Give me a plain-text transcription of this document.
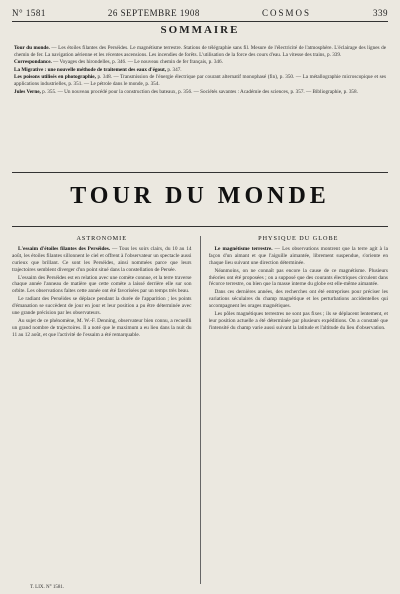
N° 1581	26 SEPTEMBRE 1908	COSMOS	339
SOMMAIRE

Tour du monde. — Les étoiles filantes des Perséides. Le magnétisme terrestre. Stations de télégraphie sans fil. Mesure de l'électricité de l'atmosphère. L'éclairage des lignes de chemin de fer. La navigation aérienne et les récentes ascensions. Les incendies de forêts. L'utilisation de la force des cours d'eau. La vitesse des trains, p. 339.

Correspondance. — Voyages des hirondelles, p. 346. — Le nouveau chemin de fer français, p. 346.

La Migrative : une nouvelle méthode de traitement des eaux d'égout, p. 347.

Les poisons utilisés en photographie, p. 348. — Transmission de l'énergie électrique par courant alternatif monophasé (fin), p. 350. — La métallographie microscopique et ses applications industrielles, p. 351. — Le pétrole dans le monde, p. 354.

Jules Verne, p. 355. — Un nouveau procédé pour la construction des bateaux, p. 356. — Sociétés savantes : Académie des sciences, p. 357. — Bibliographie, p. 358.

TOUR DU MONDE
ASTRONOMIE

L'essaim d'étoiles filantes des Perséides. — Tous les soirs clairs, du 10 au 14 août, les étoiles filantes sillonnent le ciel et offrent à l'observateur un spectacle aussi curieux que brillant. Ce sont les Perséides, ainsi nommées parce que leurs trajectoires semblent diverger d'un point situé dans la constellation de Persée.

L'essaim des Perséides est en relation avec une comète connue, et la terre traverse chaque année l'anneau de matière que cette comète a laissé derrière elle sur son orbite. Les observations faites cette année ont été favorisées par un temps très beau.

Le radiant des Perséides se déplace pendant la durée de l'apparition ; les points d'émanation se succèdent de jour en jour et leur position a pu être déterminée avec une grande précision par les observateurs.

Au sujet de ce phénomène, M. W.-F. Denning, observateur bien connu, a recueilli un grand nombre de trajectoires. Il a noté que le maximum a eu lieu dans la nuit du 11 au 12 août, et que l'activité de l'essaim a été remarquable.

PHYSIQUE DU GLOBE

Le magnétisme terrestre. — Les observations montrent que la terre agit à la façon d'un aimant et que l'aiguille aimantée, librement suspendue, s'oriente en chaque lieu suivant une direction déterminée.

Néanmoins, on ne connaît pas encore la cause de ce magnétisme. Plusieurs théories ont été proposées ; on a supposé que des courants électriques circulent dans l'écorce terrestre, ou bien que la masse interne du globe est elle-même aimantée.

Dans ces dernières années, des recherches ont été entreprises pour préciser les variations séculaires du champ magnétique et les perturbations accidentelles qui accompagnent les orages magnétiques.

Les pôles magnétiques terrestres ne sont pas fixes ; ils se déplacent lentement, et leur position actuelle a été déterminée par plusieurs expéditions. On a constaté que l'intensité du champ varie aussi suivant la latitude et l'altitude du lieu d'observation.

T. LIX. N° 1581.
